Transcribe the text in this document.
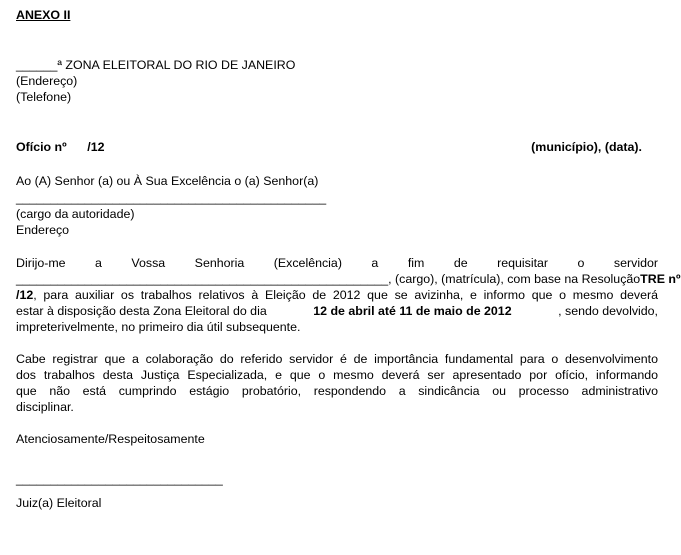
ANEXO II
______ª ZONA ELEITORAL DO RIO DE JANEIRO
(Endereço)
(Telefone)
Ofício nº      /12	(município), (data).
Ao (A) Senhor (a) ou À Sua Excelência o (a) Senhor(a)
_____________________________________________
(cargo da autoridade)
Endereço
Dirijo-me a Vossa Senhoria (Excelência) a fim de requisitar o servidor
______________________________________________________, (cargo), (matrícula), com base na Resolução TRE nº
/12 , para auxiliar os trabalhos relativos à Eleição de 2012 que se avizinha, e informo que o mesmo deverá
estar à disposição desta Zona Eleitoral do dia	12 de abril até 11 de maio de 2012	, sendo devolvido,
impreterivelmente, no primeiro dia útil subsequente.
Cabe registrar que a colaboração do referido servidor é de importância fundamental para o desenvolvimento
dos trabalhos desta Justiça Especializada, e que o mesmo deverá ser apresentado por ofício, informando
que não está cumprindo estágio probatório, respondendo a sindicância ou processo administrativo
disciplinar.
Atenciosamente/Respeitosamente
______________________________
Juiz(a) Eleitoral
